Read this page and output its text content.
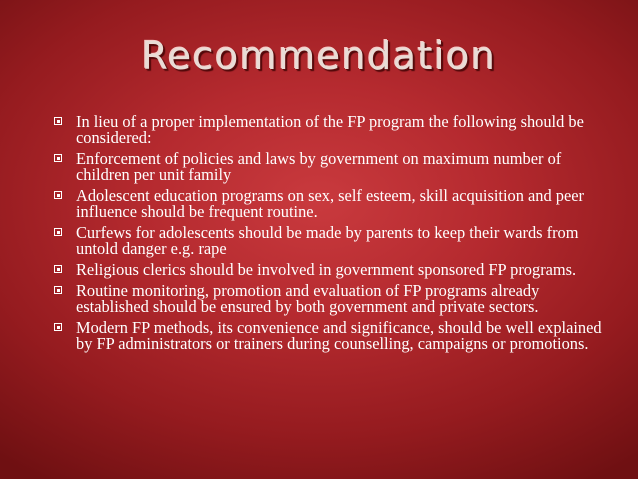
Recommendation
In lieu of a proper implementation of the FP program the following should be considered:
Enforcement of policies and laws by government on maximum number of children per unit family
Adolescent education programs on sex, self esteem, skill acquisition and peer influence should be frequent routine.
Curfews for adolescents should be made by parents to keep their wards from untold danger e.g. rape
Religious clerics should be involved in government sponsored FP programs.
Routine monitoring, promotion and evaluation of FP programs already established should be ensured by both government and private sectors.
Modern FP methods, its convenience and significance, should be well explained by FP administrators or trainers during counselling, campaigns or promotions.
